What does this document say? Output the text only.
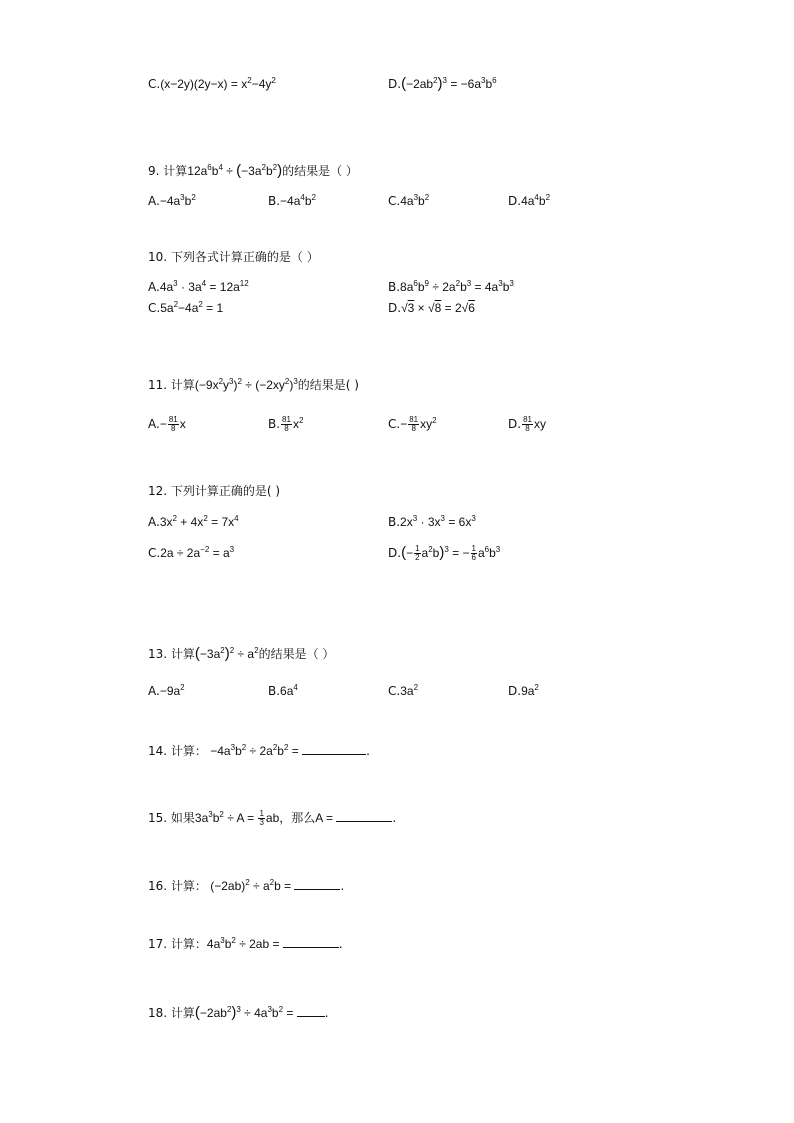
$C.(x-2y)(2y-x) = x^2-4y^2$	$D.(-2ab^2)^3 = -6a^3b^6$
9. 计算$12a^6b^4 \div (-3a^2b^2)$的结果是（ ）
$A.-4a^3b^2$	$B.-4a^4b^2$	$C.4a^3b^2$	$D.4a^4b^2$
10. 下列各式计算正确的是（ ）
$A.4a^3 \cdot 3a^4 = 12a^{12}$	$B.8a^6b^9 \div 2a^2b^3 = 4a^3b^3$
$C.5a^2-4a^2 = 1$	D.√3 × √8 = 2√6
11. 计算$(-9x^2y^3)^2 \div (-2xy^2)^3$的结果是( )
$A.- \frac{81}{8}$ x	B. $\frac{81}{8} x^2$	$C.- \frac{81}{8} xy^2$	D. $\frac{81}{8}$ xy
12. 下列计算正确的是( )
$A.3x^2 + 4x^2 = 7x^4$	$B.2x^3 \cdot 3x^3 = 6x^3$
$C.2a \div 2a^{-2} = a^3$	$D.(- \frac{1}{2} a^2b)^3$ = − $\frac{1}{6} a^6b^3$
13. 计算$(-3a^2)^2 \div a^2$的结果是（ ）
$A.-9a^2$	$B.6a^4$	$C.3a^2$	$D.9a^2$
14. 计算： $-4a^3b^2 \div 2a^2b^2$ =	.
15. 如果$3a^3b^2 \div A = \frac{1}{3}$ ab，那么A =	.
16. 计算： $(-2ab)^2 \div a^2b$ =	.
17. 计算：$4a^3b^2 \div 2ab$ =	.
18. 计算$(-2ab^2)^3 \div 4a^3b^2$ = .
